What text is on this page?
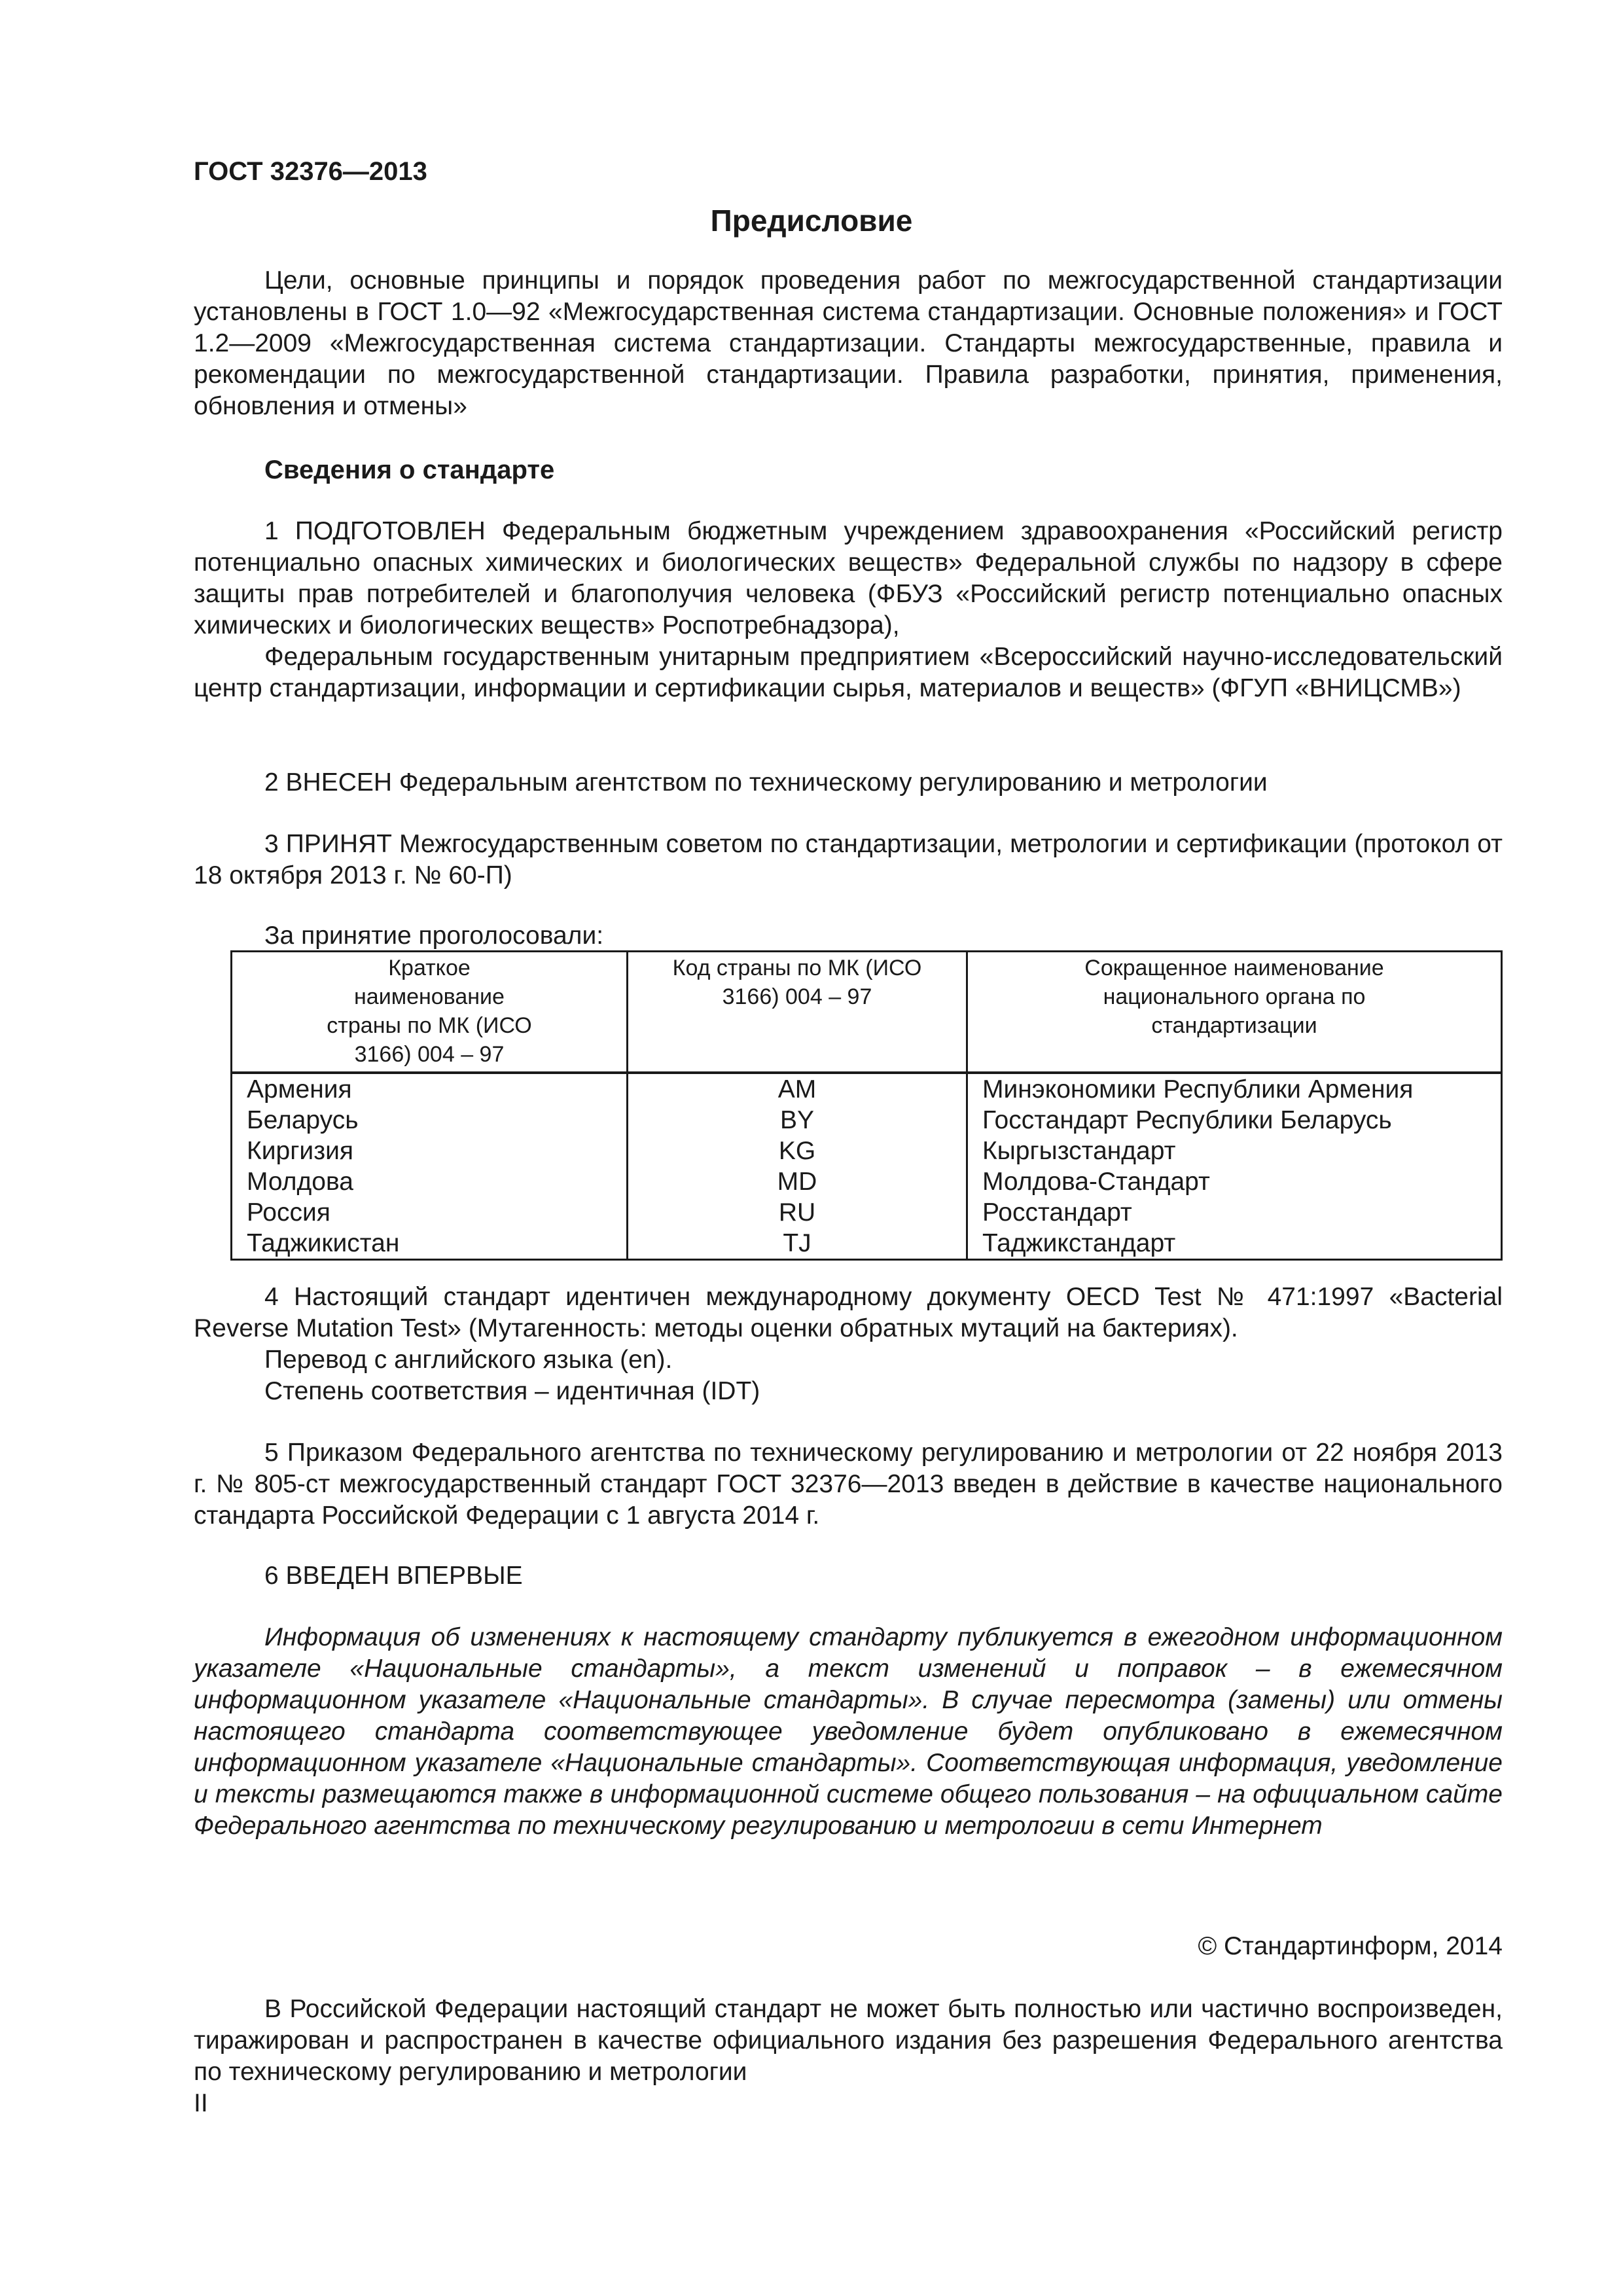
ГОСТ 32376—2013
Предисловие

Цели, основные принципы и порядок проведения работ по межгосударственной стандартизации установлены в ГОСТ 1.0—92 «Межгосударственная система стандартизации. Основные положения» и ГОСТ 1.2—2009 «Межгосударственная система стандартизации. Стандарты межгосударственные, правила и рекомендации по межгосударственной стандартизации. Правила разработки, принятия, применения, обновления и отмены»

Сведения о стандарте

1 ПОДГОТОВЛЕН Федеральным бюджетным учреждением здравоохранения «Российский регистр потенциально опасных химических и биологических веществ» Федеральной службы по надзору в сфере защиты прав потребителей и благополучия человека (ФБУЗ «Российский регистр потенциально опасных химических и биологических веществ» Роспотребнадзора),

Федеральным государственным унитарным предприятием «Всероссийский научно-исследовательский центр стандартизации, информации и сертификации сырья, материалов и веществ» (ФГУП «ВНИЦСМВ»)

2 ВНЕСЕН Федеральным агентством по техническому регулированию и метрологии

3 ПРИНЯТ Межгосударственным советом по стандартизации, метрологии и сертификации (протокол от 18 октября 2013 г. № 60-П)

За принятие проголосовали:
Краткое наименование страны по МК (ИСО 3166) 004 – 97	Код страны по МК (ИСО 3166) 004 – 97	Сокращенное наименование национального органа по стандартизации

Армения	AM	Минэкономики Республики Армения
Беларусь	BY	Госстандарт Республики Беларусь
Киргизия	KG	Кыргызстандарт
Молдова	MD	Молдова-Стандарт
Россия	RU	Росстандарт
Таджикистан	TJ	Таджикстандарт

4 Настоящий стандарт идентичен международному документу OECD Test № 471:1997 «Bacterial Reverse Mutation Test» (Мутагенность: методы оценки обратных мутаций на бактериях).

Перевод с английского языка (en).
Степень соответствия – идентичная (IDT)

5 Приказом Федерального агентства по техническому регулированию и метрологии от 22 ноября 2013 г. № 805-ст межгосударственный стандарт ГОСТ 32376—2013 введен в действие в качестве национального стандарта Российской Федерации с 1 августа 2014 г.

6 ВВЕДЕН ВПЕРВЫЕ

Информация об изменениях к настоящему стандарту публикуется в ежегодном информационном указателе «Национальные стандарты», а текст изменений и поправок – в ежемесячном информационном указателе «Национальные стандарты». В случае пересмотра (замены) или отмены настоящего стандарта соответствующее уведомление будет опубликовано в ежемесячном информационном указателе «Национальные стандарты». Соответствующая информация, уведомление и тексты размещаются также в информационной системе общего пользования – на официальном сайте Федерального агентства по техническому регулированию и метрологии в сети Интернет

© Стандартинформ, 2014

В Российской Федерации настоящий стандарт не может быть полностью или частично воспроизведен, тиражирован и распространен в качестве официального издания без разрешения Федерального агентства по техническому регулированию и метрологии

II
